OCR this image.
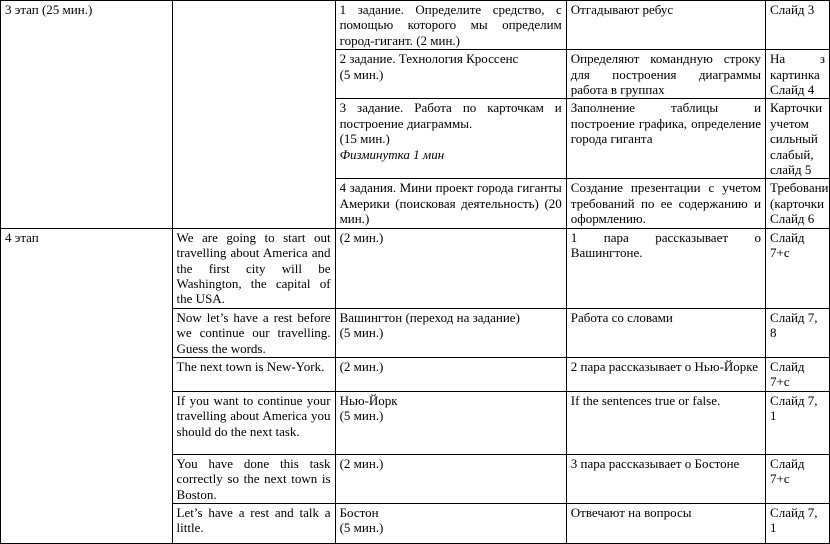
3 этап (25 мин.)		1 задание. Определите средство, с помощью которого мы определим город-гигант. (2 мин.)	Отгадывают ребус	Слайд 3

		2 задание. Технология Кроссенс
(5 мин.)	Определяют командную строку для построения диаграммы работа в группах	На з картинка Слайд 4

		3 задание. Работа по карточкам и построение диаграммы.
(15 мин.)
Физминутка 1 мин	Заполнение таблицы и построение графика, определение города гиганта	Карточки учетом сильный слабый, слайд 5

		4 задания. Мини проект города гиганты Америки (поисковая деятельность) (20 мин.)	Создание презентации с учетом требований по ее содержанию и оформлению.	Требовани (карточки Слайд 6
4 этап	We are going to start out travelling about America and the first city will be Washington, the capital of the USA.	(2 мин.)	1 пара рассказывает о Вашингтоне.	Слайд 7+с
	Now let’s have a rest before we continue our travelling. Guess the words.	Вашингтон (переход на задание)
(5 мин.)	Работа со словами	Слайд 7, 8
	The next town is New-York.	(2 мин.)	2 пара рассказывает о Нью-Йорке	Слайд 7+с
	If you want to continue your travelling about America you should do the next task.	Нью-Йорк
(5 мин.)	If the sentences true or false.	Слайд 7, 1
	You have done this task correctly so the next town is Boston.	(2 мин.)	3 пара рассказывает о Бостоне	Слайд 7+с
	Let’s have a rest and talk a little.	Бостон
(5 мин.)	Отвечают на вопросы	Слайд 7, 1
